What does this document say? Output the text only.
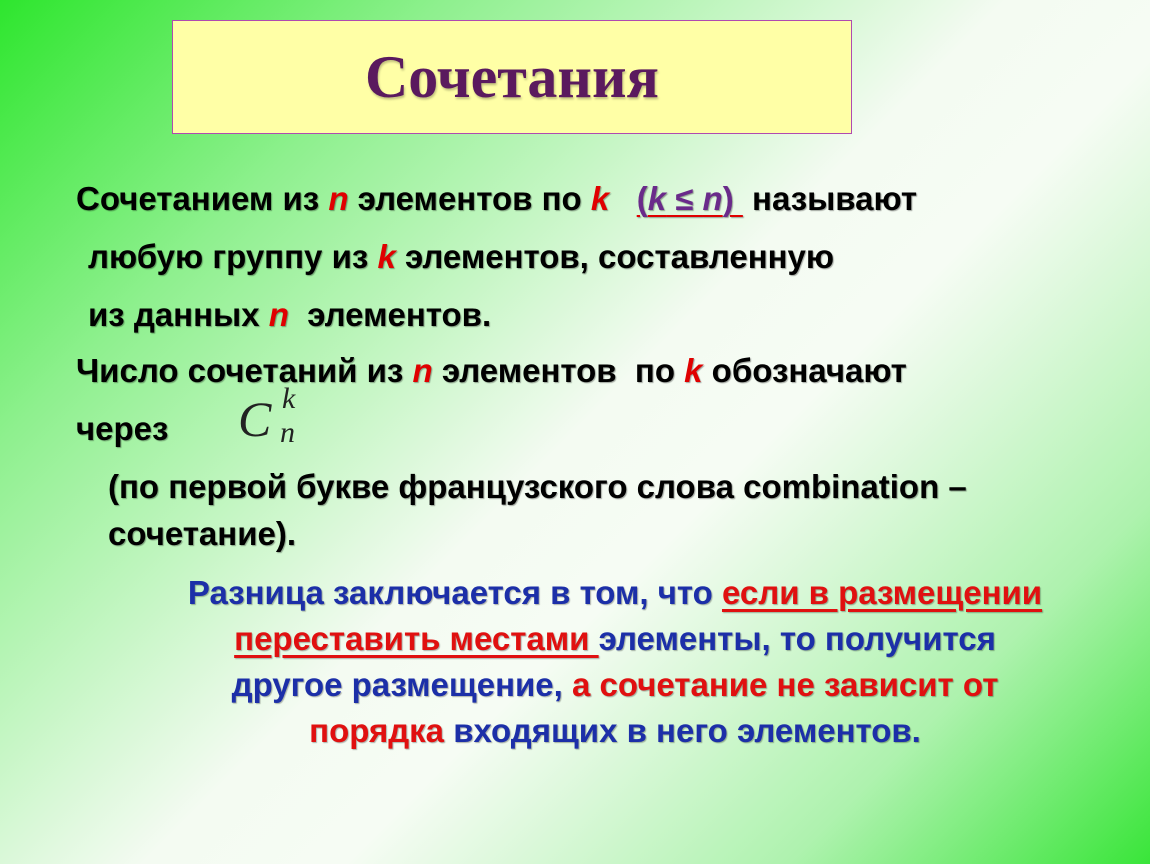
Сочетания
Сочетанием из n элементов по k (k ≤ n)  называют
любую группу из k элементов, составленную
из данных n  элементов.
Число сочетаний из n элементов  по k обозначают
через C k
n
(по первой букве французского слова combination –
сочетание).
Разница заключается в том, что если в размещении
переставить местами элементы, то получится
другое размещение, а сочетание не зависит от
порядка входящих в него элементов.
